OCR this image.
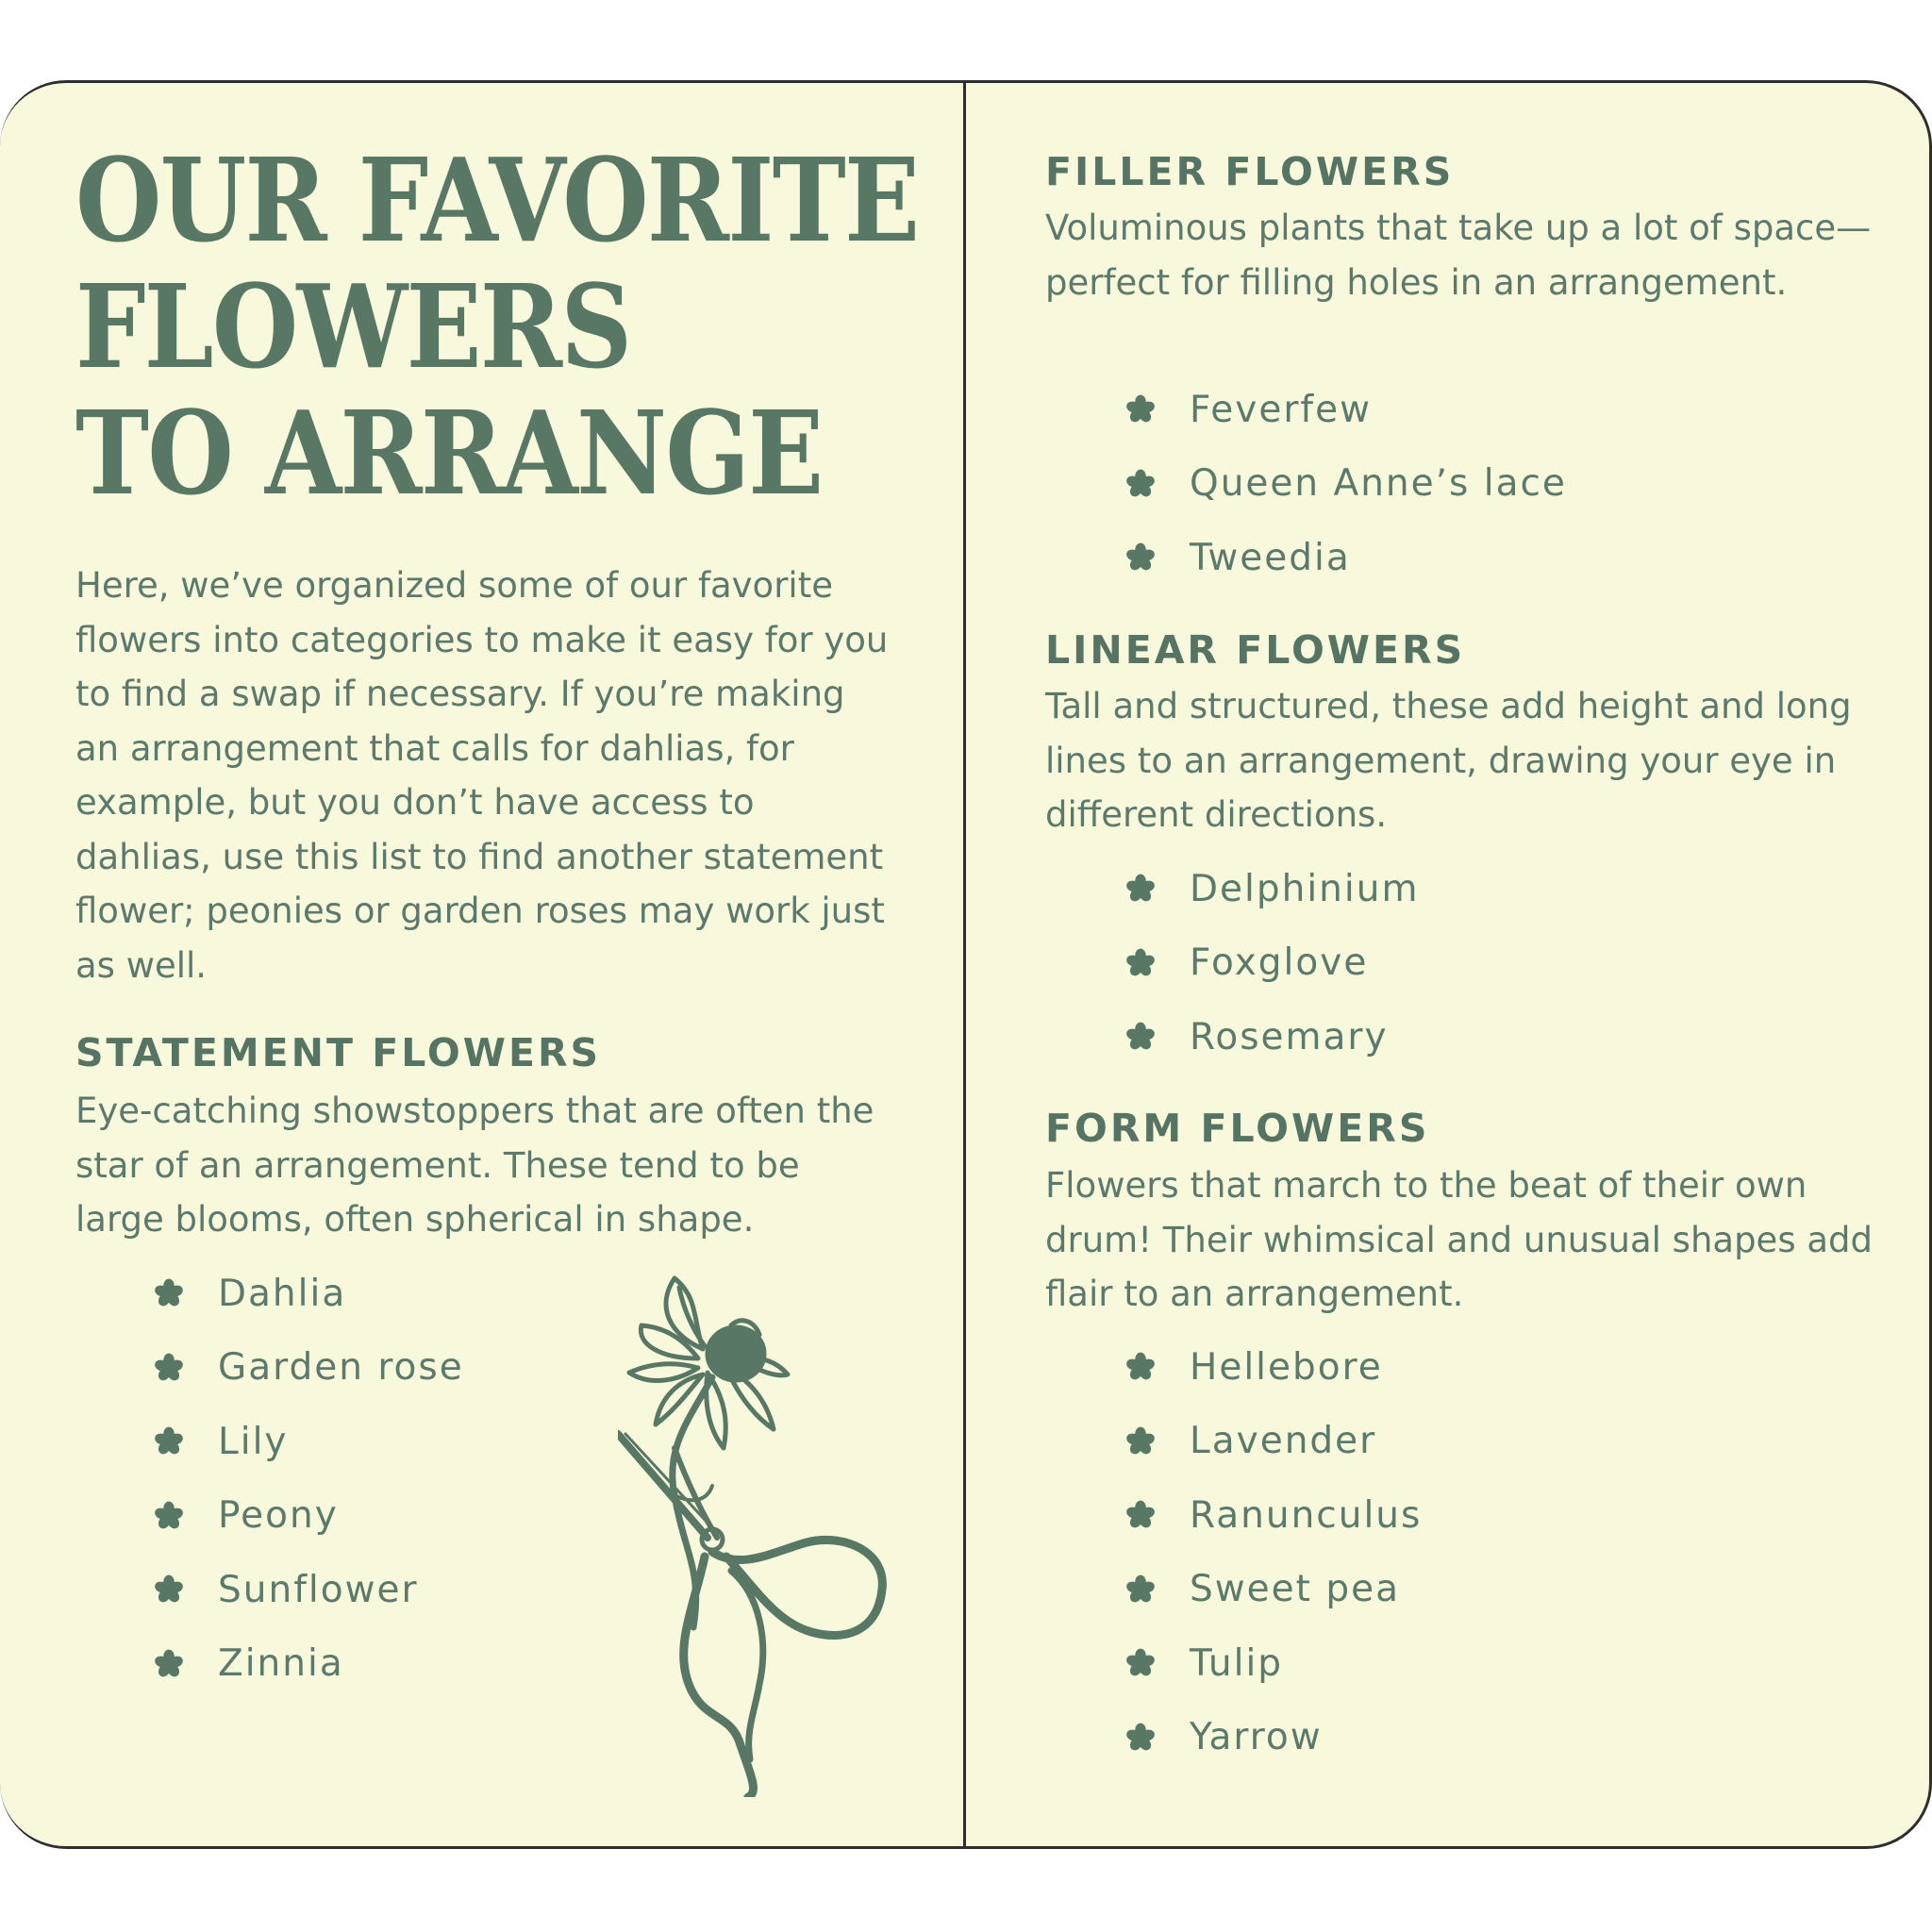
OUR FAVORITE
FLOWERS
TO ARRANGE

Here, we’ve organized some of our favorite flowers into categories to make it easy for you to find a swap if necessary. If you’re making an arrangement that calls for dahlias, for example, but you don’t have access to dahlias, use this list to find another statement flower; peonies or garden roses may work just as well.

STATEMENT FLOWERS

Eye-catching showstoppers that are often the star of an arrangement. These tend to be large blooms, often spherical in shape.

Dahlia
Garden rose
Lily
Peony
Sunflower
Zinnia
FILLER FLOWERS

Voluminous plants that take up a lot of space—perfect for filling holes in an arrangement.

Feverfew
Queen Anne’s lace
Tweedia
LINEAR FLOWERS

Tall and structured, these add height and long lines to an arrangement, drawing your eye in different directions.

Delphinium
Foxglove
Rosemary
FORM FLOWERS

Flowers that march to the beat of their own drum! Their whimsical and unusual shapes add flair to an arrangement.

Hellebore
Lavender
Ranunculus
Sweet pea
Tulip
Yarrow
